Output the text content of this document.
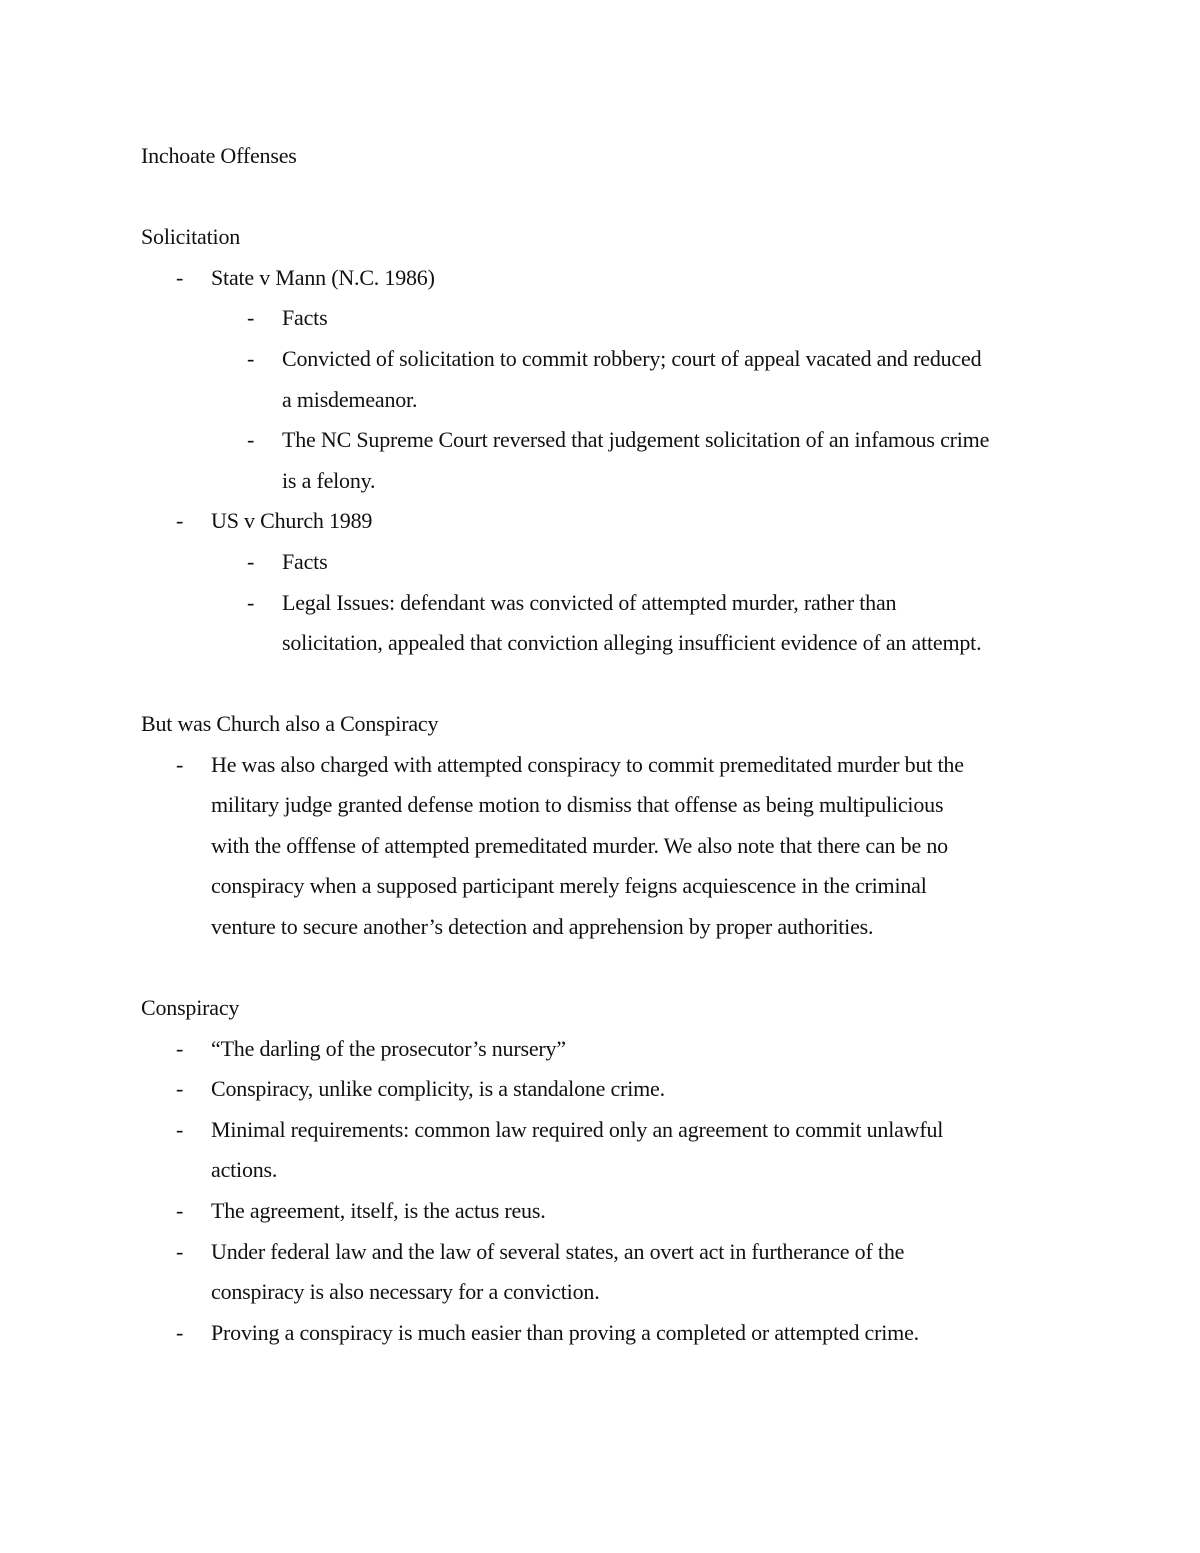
Inchoate Offenses
Solicitation
- State v Mann (N.C. 1986)
- Facts
- Convicted of solicitation to commit robbery; court of appeal vacated and reduced
a misdemeanor.
- The NC Supreme Court reversed that judgement solicitation of an infamous crime
is a felony.
- US v Church 1989
- Facts
- Legal Issues: defendant was convicted of attempted murder, rather than
solicitation, appealed that conviction alleging insufficient evidence of an attempt.
But was Church also a Conspiracy
- He was also charged with attempted conspiracy to commit premeditated murder but the
military judge granted defense motion to dismiss that offense as being multipulicious
with the offfense of attempted premeditated murder. We also note that there can be no
conspiracy when a supposed participant merely feigns acquiescence in the criminal
venture to secure another’s detection and apprehension by proper authorities.
Conspiracy
- “The darling of the prosecutor’s nursery”
- Conspiracy, unlike complicity, is a standalone crime.
- Minimal requirements: common law required only an agreement to commit unlawful
actions.
- The agreement, itself, is the actus reus.
- Under federal law and the law of several states, an overt act in furtherance of the
conspiracy is also necessary for a conviction.
- Proving a conspiracy is much easier than proving a completed or attempted crime.
